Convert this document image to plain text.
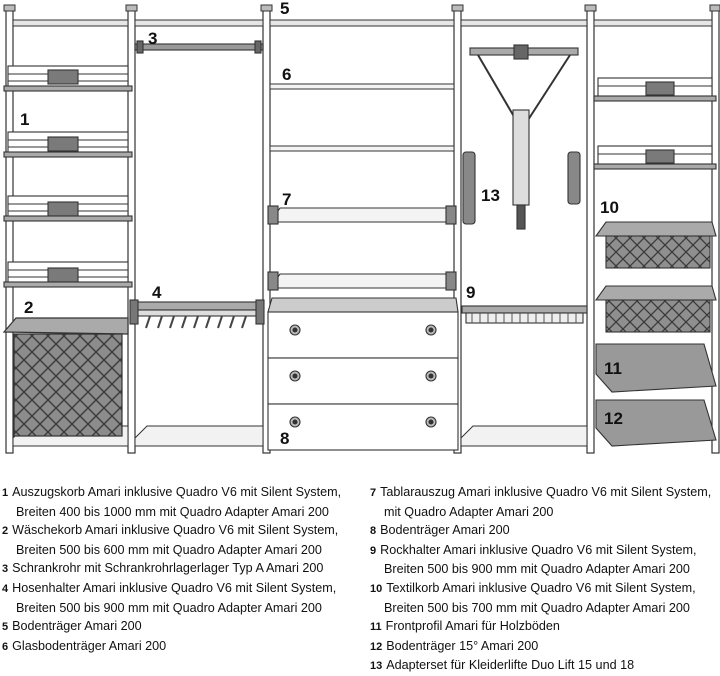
1
2
3
4
5
6
7
8
9
10
11
12
13
1 Auszugskorb Amari inklusive Quadro V6 mit Silent System,
Breiten 400 bis 1000 mm mit Quadro Adapter Amari 200
2 Wäschekorb Amari inklusive Quadro V6 mit Silent System,
Breiten 500 bis 600 mm mit Quadro Adapter Amari 200
3 Schrankrohr mit Schrankrohrlagerlager Typ A Amari 200
4 Hosenhalter Amari inklusive Quadro V6 mit Silent System,
Breiten 500 bis 900 mm mit Quadro Adapter Amari 200
5 Bodenträger Amari 200
6 Glasbodenträger Amari 200
7 Tablarauszug Amari inklusive Quadro V6 mit Silent System,
mit Quadro Adapter Amari 200
8 Bodenträger Amari 200
9 Rockhalter Amari inklusive Quadro V6 mit Silent System,
Breiten 500 bis 900 mm mit Quadro Adapter Amari 200
10 Textilkorb Amari inklusive Quadro V6 mit Silent System,
Breiten 500 bis 700 mm mit Quadro Adapter Amari 200
11 Frontprofil Amari für Holzböden
12 Bodenträger 15° Amari 200
13 Adapterset für Kleiderlifte Duo Lift 15 und 18
